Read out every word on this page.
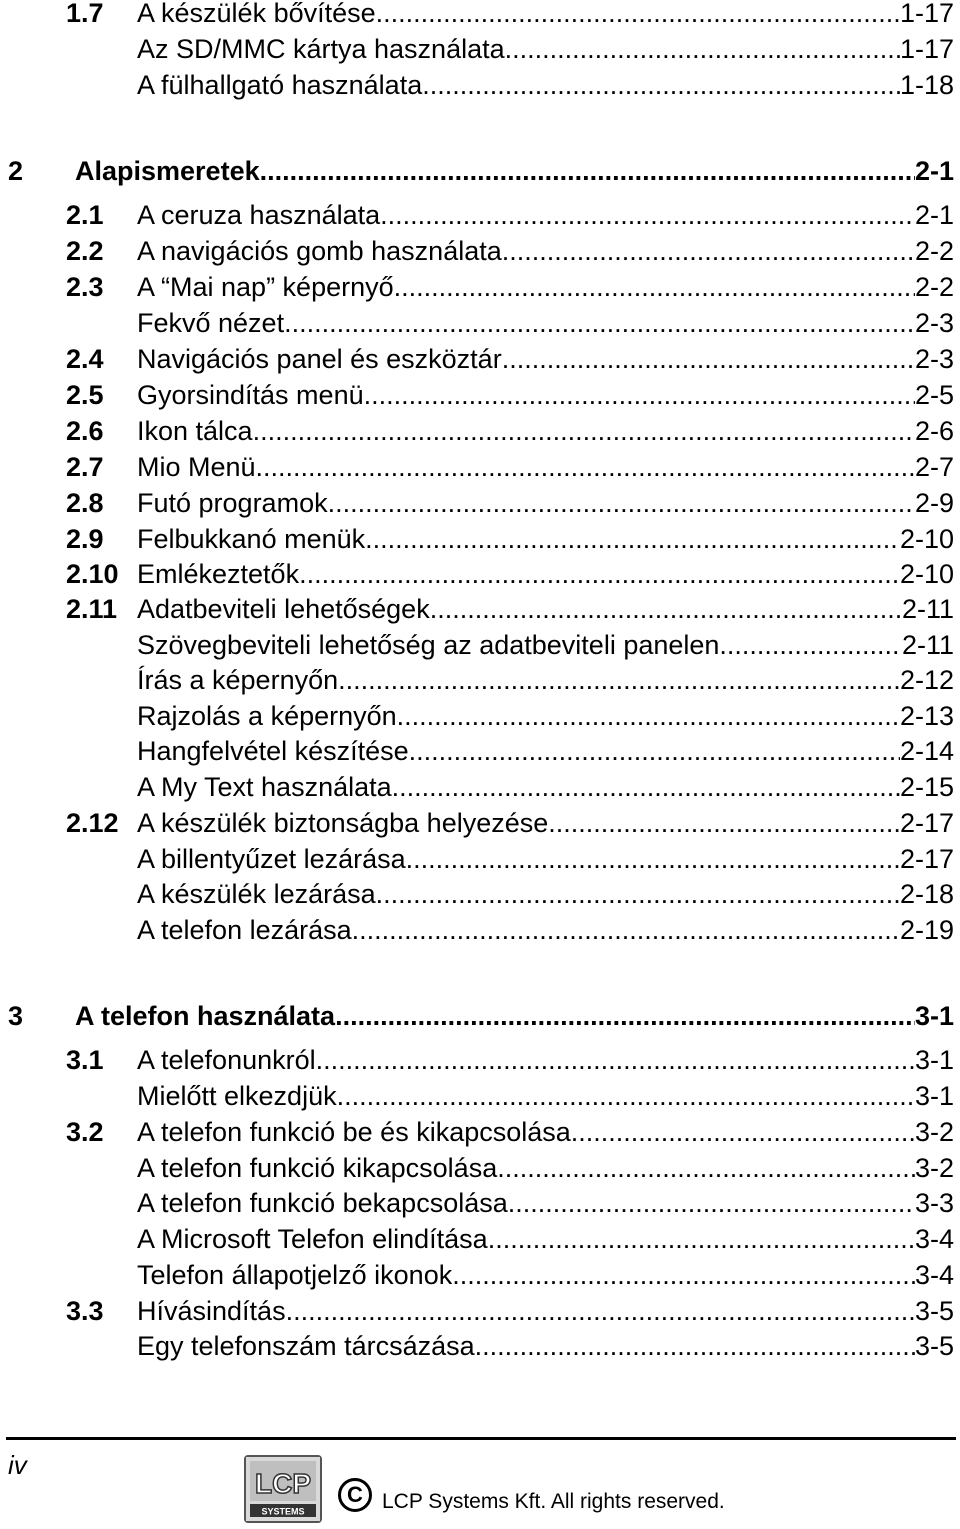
1.7 A készülék bővítése .....	1-17
Az SD/MMC kártya használata .....	1-17
A fülhallgató használata .....	1-18
2 Alapismeretek .....	2-1
2.1 A ceruza használata .....	2-1
2.2 A navigációs gomb használata .....	2-2
2.3 A “Mai nap” képernyő .....	2-2
Fekvő nézet .....	2-3
2.4 Navigációs panel és eszköztár .....	2-3
2.5 Gyorsindítás menü .....	2-5
2.6 Ikon tálca .....	2-6
2.7 Mio Menü .....	2-7
2.8 Futó programok .....	2-9
2.9 Felbukkanó menük .....	2-10
2.10 Emlékeztetők .....	2-10
2.11 Adatbeviteli lehetőségek .....	2-11
Szövegbeviteli lehetőség az adatbeviteli panelen .....	2-11
Írás a képernyőn .....	2-12
Rajzolás a képernyőn .....	2-13
Hangfelvétel készítése .....	2-14
A My Text használata .....	2-15
2.12 A készülék biztonságba helyezése .....	2-17
A billentyűzet lezárása .....	2-17
A készülék lezárása .....	2-18
A telefon lezárása .....	2-19
3 A telefon használata .....	3-1
3.1 A telefonunkról .....	3-1
Mielőtt elkezdjük .....	3-1
3.2 A telefon funkció be és kikapcsolása .....	3-2
A telefon funkció kikapcsolása .....	3-2
A telefon funkció bekapcsolása .....	3-3
A Microsoft Telefon elindítása .....	3-4
Telefon állapotjelző ikonok .....	3-4
3.3 Hívásindítás .....	3-5
Egy telefonszám tárcsázása .....	3-5
iv
LCP
SYSTEMS
C LCP Systems Kft. All rights reserved.
